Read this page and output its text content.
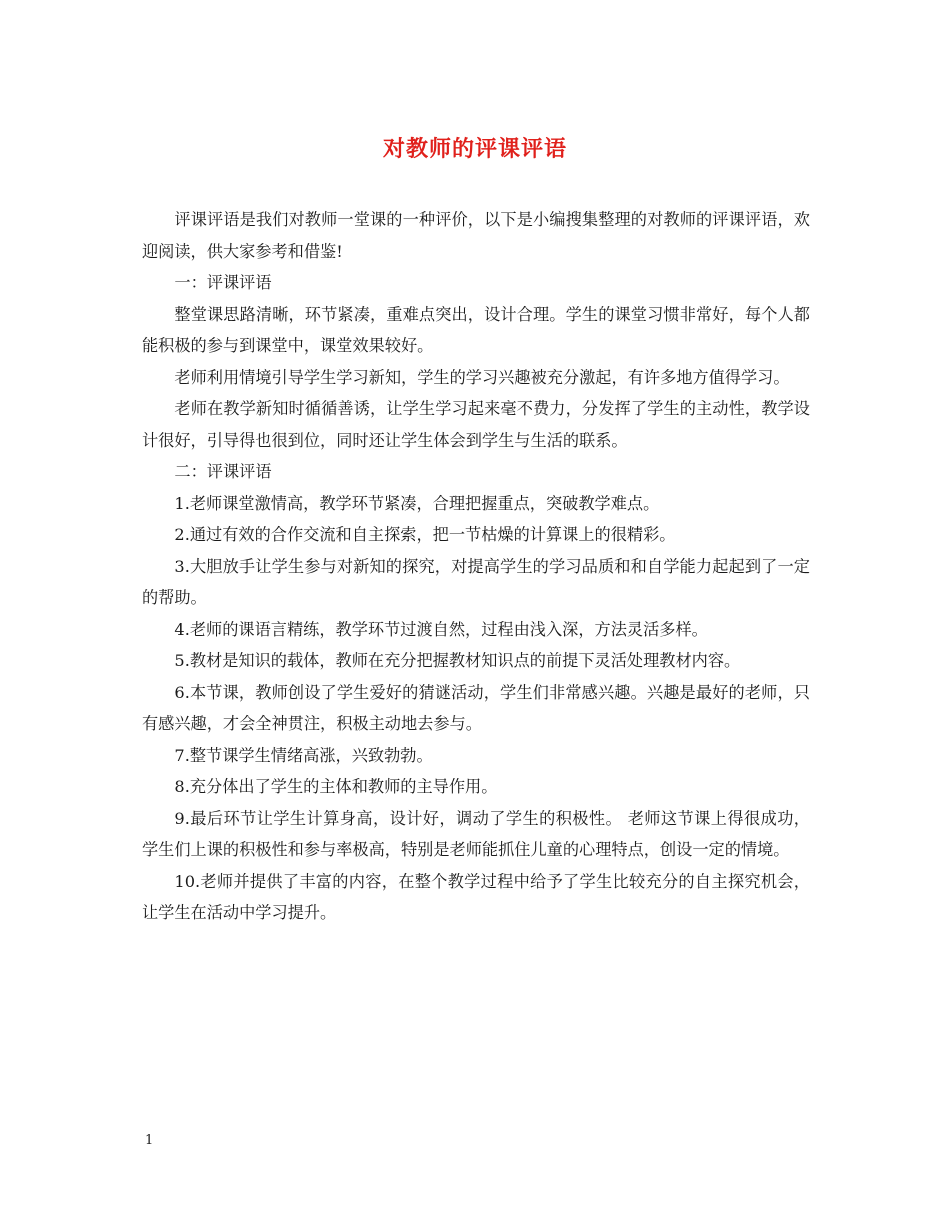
对教师的评课评语

评课评语是我们对教师一堂课的一种评价，以下是小编搜集整理的对教师的评课评语，欢迎阅读，供大家参考和借鉴!

一：评课评语

整堂课思路清晰，环节紧凑，重难点突出，设计合理。学生的课堂习惯非常好，每个人都能积极的参与到课堂中，课堂效果较好。

老师利用情境引导学生学习新知，学生的学习兴趣被充分激起，有许多地方值得学习。

老师在教学新知时循循善诱，让学生学习起来毫不费力，分发挥了学生的主动性，教学设计很好，引导得也很到位，同时还让学生体会到学生与生活的联系。

二：评课评语

1.老师课堂激情高，教学环节紧凑，合理把握重点，突破教学难点。

2.通过有效的合作交流和自主探索，把一节枯燥的计算课上的很精彩。

3.大胆放手让学生参与对新知的探究，对提高学生的学习品质和和自学能力起起到了一定的帮助。

4.老师的课语言精练，教学环节过渡自然，过程由浅入深，方法灵活多样。

5.教材是知识的载体，教师在充分把握教材知识点的前提下灵活处理教材内容。

6.本节课，教师创设了学生爱好的猜谜活动，学生们非常感兴趣。兴趣是最好的老师，只有感兴趣，才会全神贯注，积极主动地去参与。

7.整节课学生情绪高涨，兴致勃勃。

8.充分体出了学生的主体和教师的主导作用。

9.最后环节让学生计算身高，设计好，调动了学生的积极性。 老师这节课上得很成功，学生们上课的积极性和参与率极高，特别是老师能抓住儿童的心理特点，创设一定的情境。

10.老师并提供了丰富的内容，在整个教学过程中给予了学生比较充分的自主探究机会，让学生在活动中学习提升。

1
